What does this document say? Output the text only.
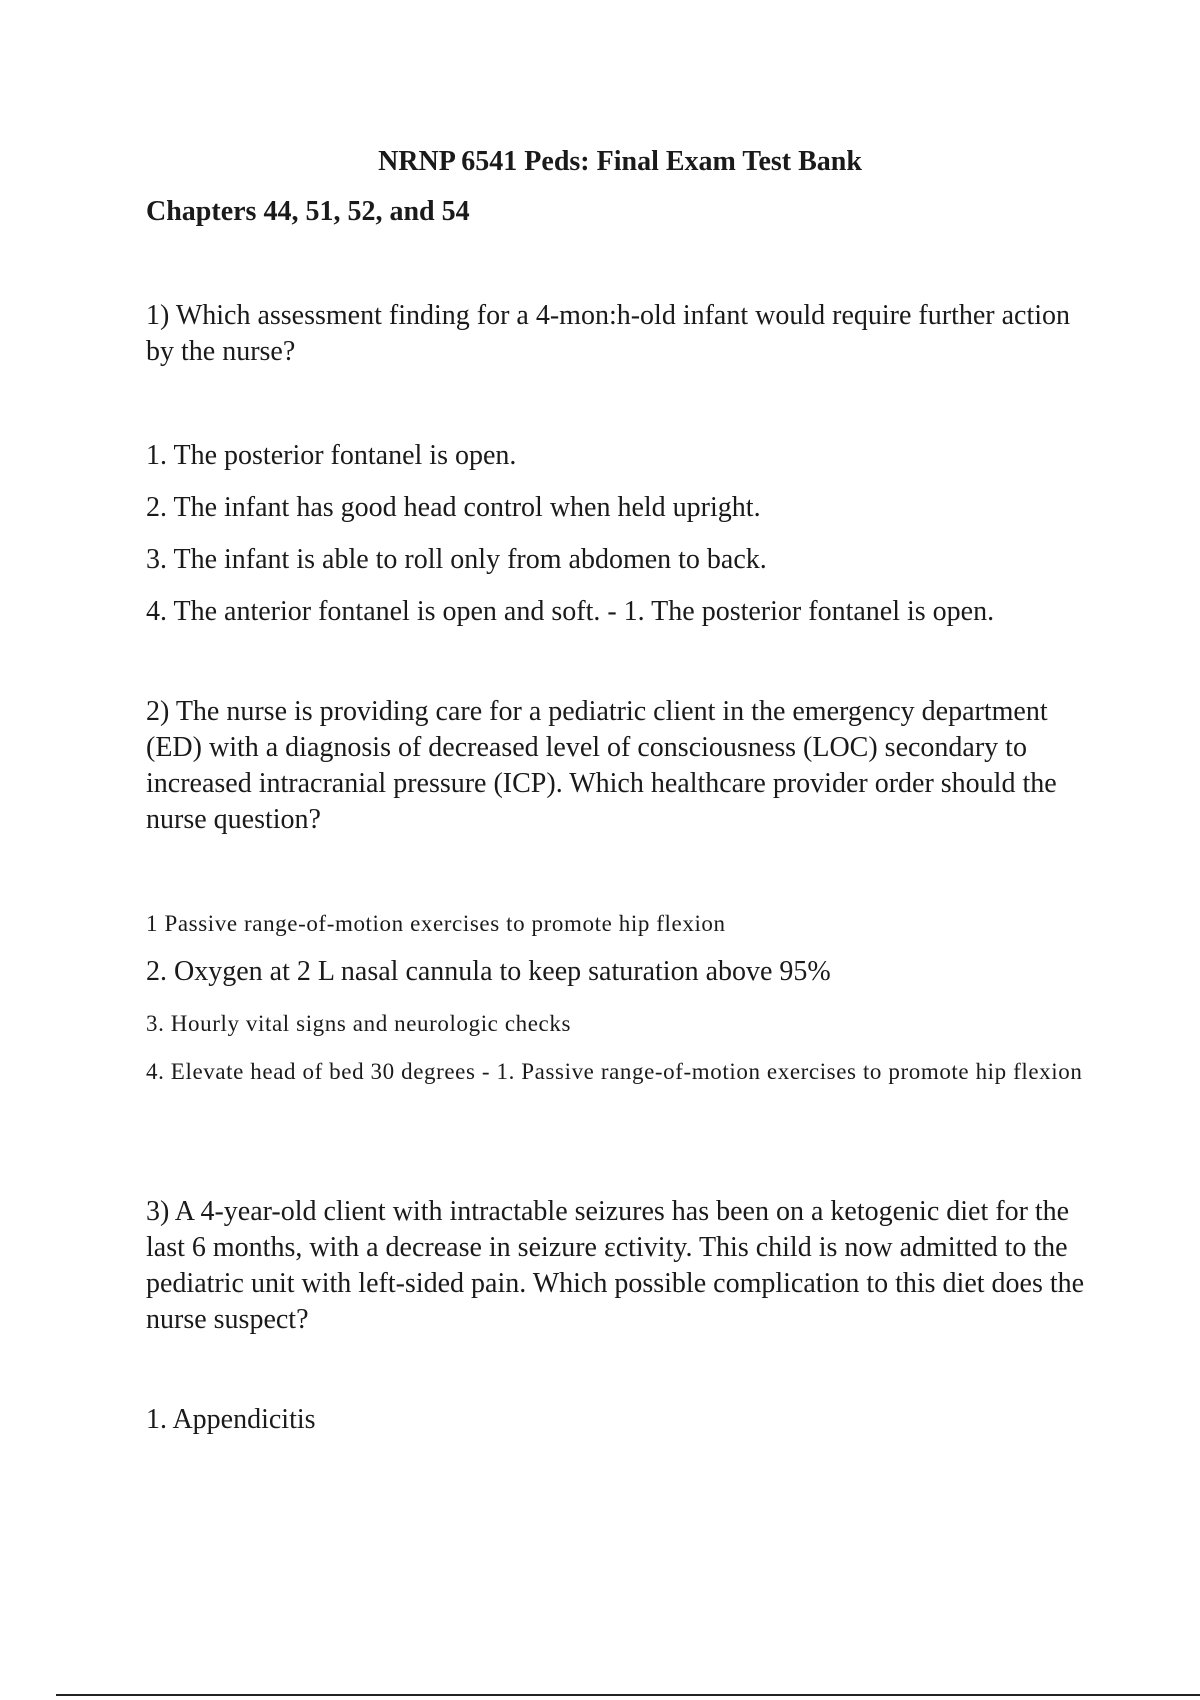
NRNP 6541 Peds: Final Exam Test Bank
Chapters 44, 51, 52, and 54
1) Which assessment finding for a 4-mon:h-old infant would require further action by the nurse?
1. The posterior fontanel is open.
2. The infant has good head control when held upright.
3. The infant is able to roll only from abdomen to back.
4. The anterior fontanel is open and soft. - 1. The posterior fontanel is open.
2) The nurse is providing care for a pediatric client in the emergency department (ED) with a diagnosis of decreased level of consciousness (LOC) secondary to increased intracranial pressure (ICP). Which healthcare provider order should the nurse question?
1 Passive range-of-motion exercises to promote hip flexion
2. Oxygen at 2 L nasal cannula to keep saturation above 95%
3. Hourly vital signs and neurologic checks
4. Elevate head of bed 30 degrees - 1. Passive range-of-motion exercises to promote hip flexion
3) A 4-year-old client with intractable seizures has been on a ketogenic diet for the last 6 months, with a decrease in seizure εctivity. This child is now admitted to the pediatric unit with left-sided pain. Which possible complication to this diet does the nurse suspect?
1. Appendicitis
